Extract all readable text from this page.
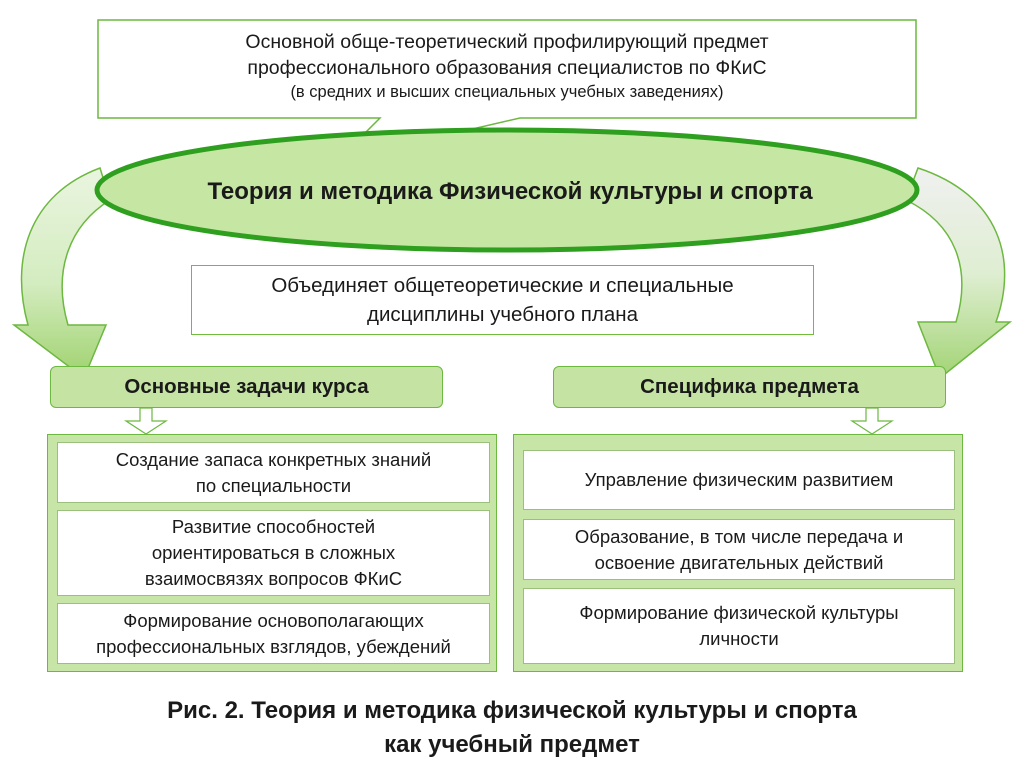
Основной обще-теоретический профилирующий предмет
профессионального образования специалистов по ФКиС
(в средних и высших специальных учебных заведениях)
Теория и методика Физической культуры и спорта
Объединяет общетеоретические и специальные
дисциплины учебного плана
Основные задачи курса	Специфика предмета
Создание запаса конкретных знаний
по специальности
Развитие способностей
ориентироваться в сложных
взаимосвязях вопросов ФКиС
Формирование основополагающих
профессиональных взглядов, убеждений
Управление физическим развитием
Образование, в том числе передача и
освоение двигательных действий
Формирование физической культуры
личности
Рис. 2. Теория и методика физической культуры и спорта
как учебный предмет
